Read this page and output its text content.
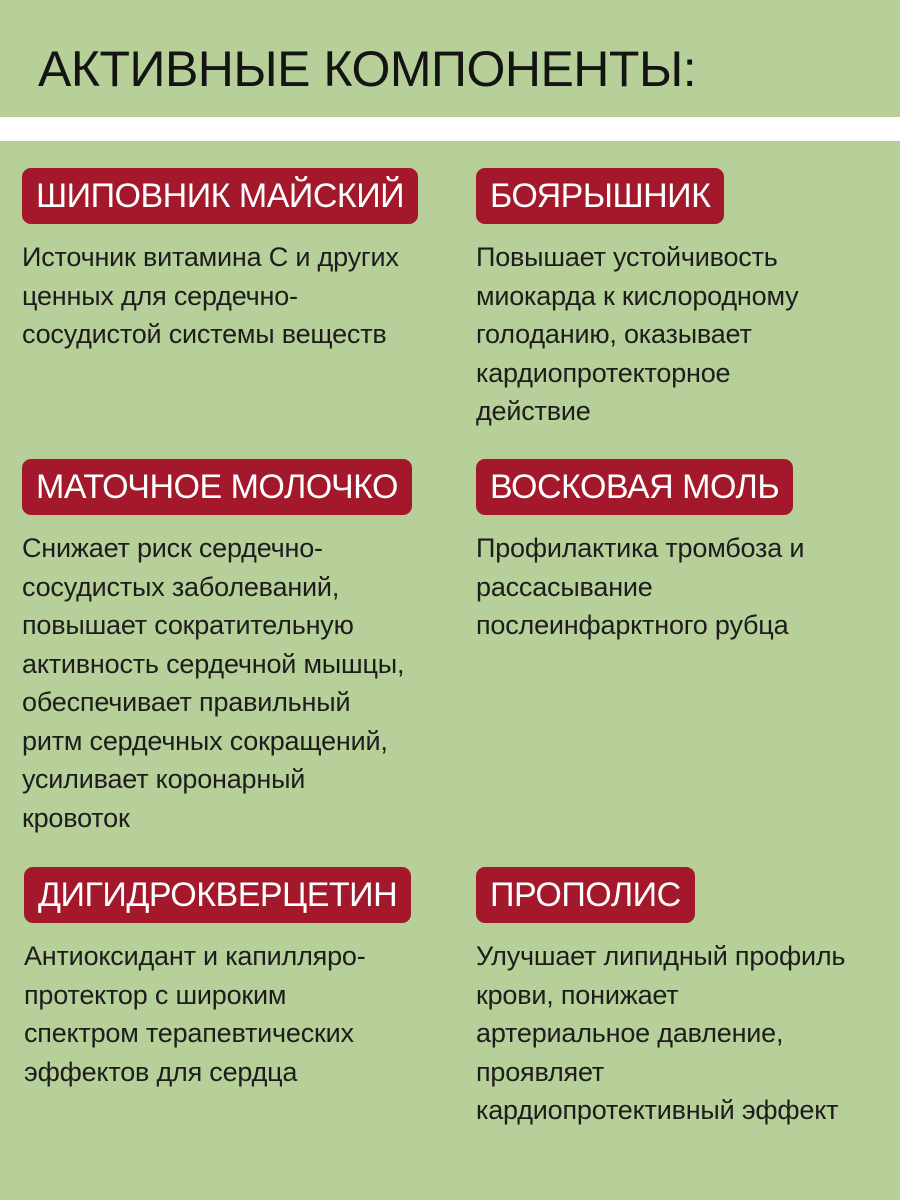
АКТИВНЫЕ КОМПОНЕНТЫ:
ШИПОВНИК МАЙСКИЙ
Источник витамина С и других
ценных для сердечно-
сосудистой системы веществ
БОЯРЫШНИК
Повышает устойчивость
миокарда к кислородному
голоданию, оказывает
кардиопротекторное
действие
МАТОЧНОЕ МОЛОЧКО
Снижает риск сердечно-
сосудистых заболеваний,
повышает сократительную
активность сердечной мышцы,
обеспечивает правильный
ритм сердечных сокращений,
усиливает коронарный
кровоток
ВОСКОВАЯ МОЛЬ
Профилактика тромбоза и
рассасывание
послеинфарктного рубца
ДИГИДРОКВЕРЦЕТИН
Антиоксидант и капилляро-
протектор с широким
спектром терапевтических
эффектов для сердца
ПРОПОЛИС
Улучшает липидный профиль
крови, понижает
артериальное давление,
проявляет
кардиопротективный эффект
